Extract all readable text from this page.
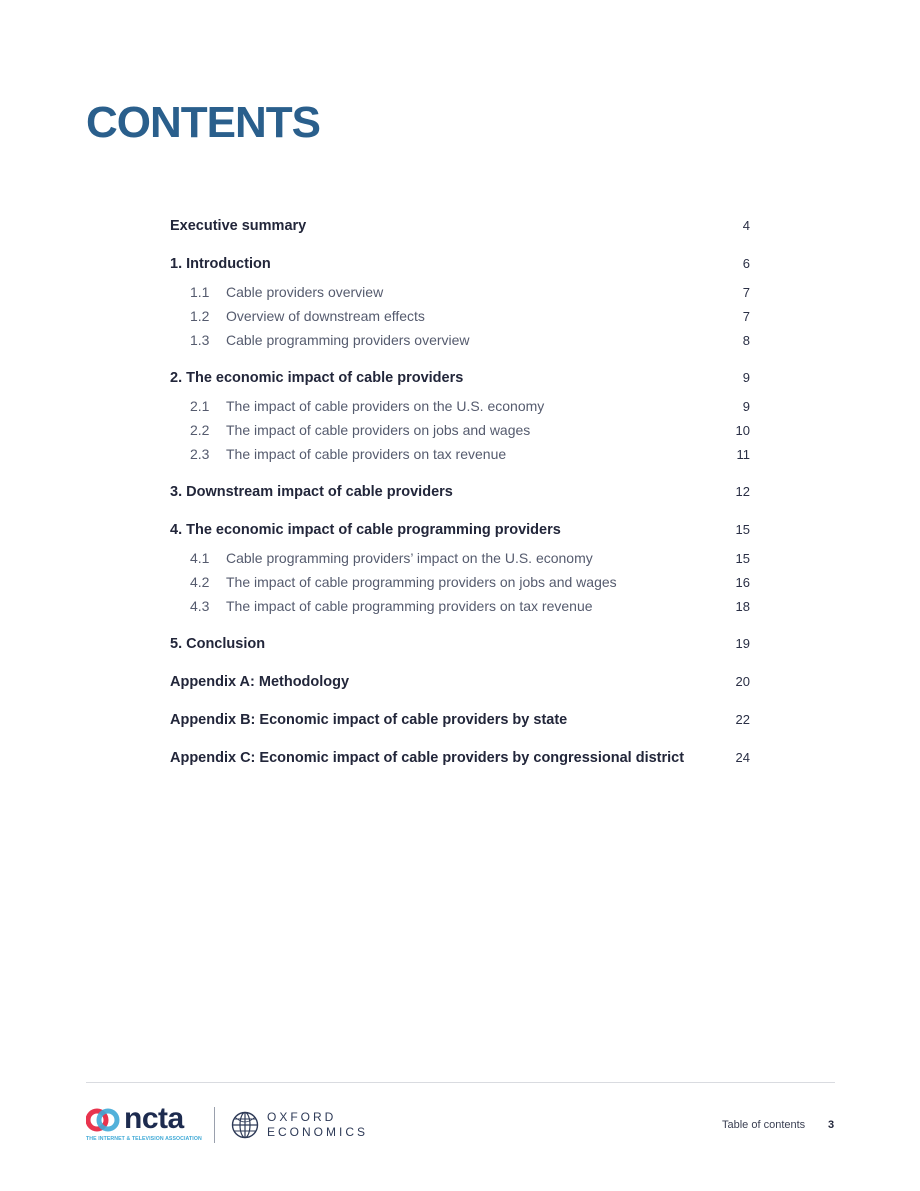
CONTENTS
Executive summary	4
1. Introduction	6
1.1 Cable providers overview	7
1.2 Overview of downstream effects	7
1.3 Cable programming providers overview	8
2. The economic impact of cable providers	9
2.1 The impact of cable providers on the U.S. economy	9
2.2 The impact of cable providers on jobs and wages	10
2.3 The impact of cable providers on tax revenue	11
3. Downstream impact of cable providers	12
4. The economic impact of cable programming providers	15
4.1 Cable programming providers’ impact on the U.S. economy	15
4.2 The impact of cable programming providers on jobs and wages	16
4.3 The impact of cable programming providers on tax revenue	18
5. Conclusion	19
Appendix A: Methodology	20
Appendix B: Economic impact of cable providers by state	22
Appendix C: Economic impact of cable providers by congressional district	24
ncta
THE INTERNET & TELEVISION ASSOCIATION
OXFORD
ECONOMICS	Table of contents 3
